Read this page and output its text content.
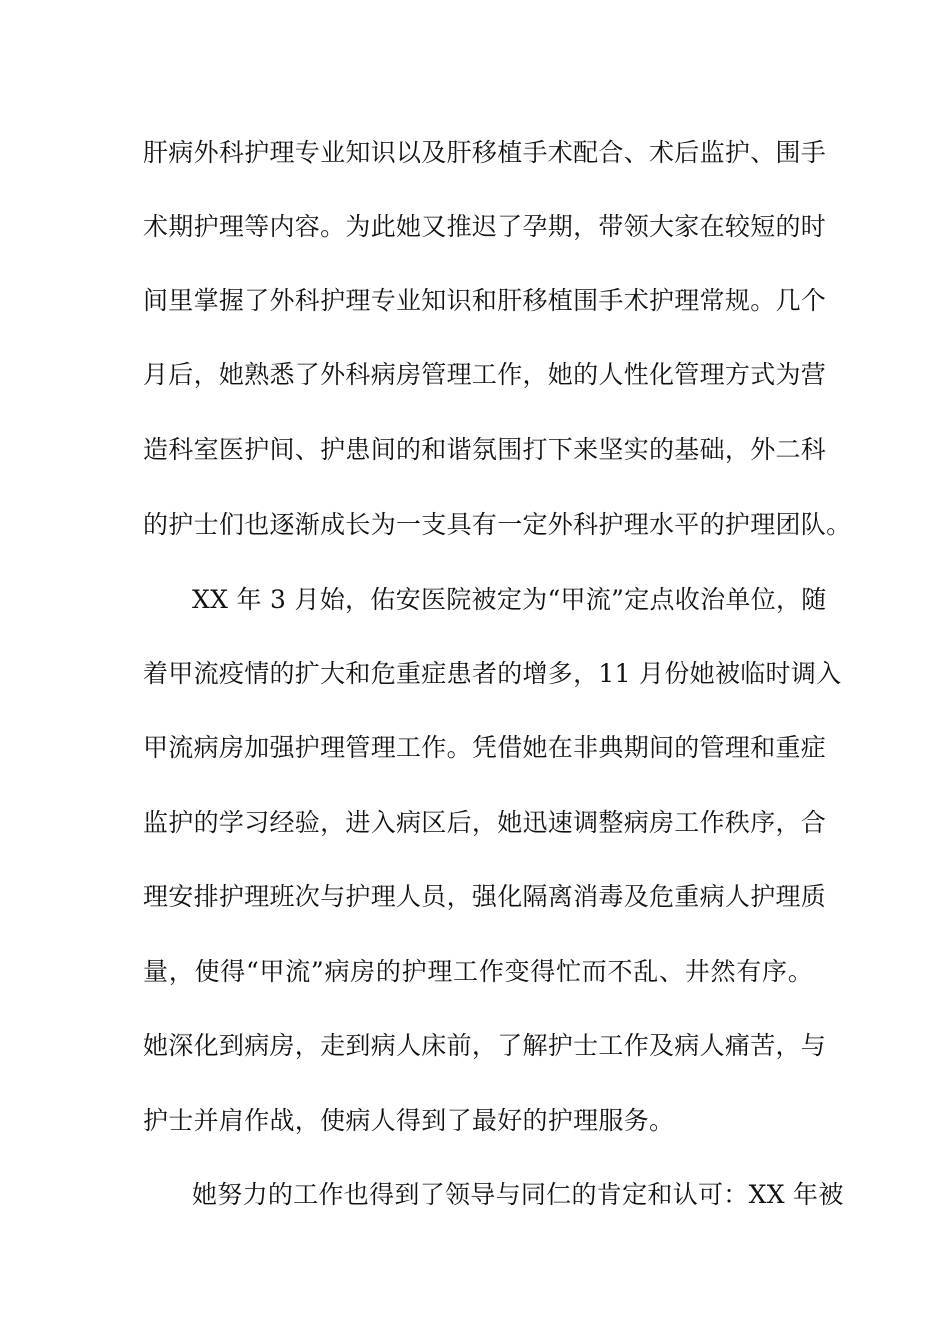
肝病外科护理专业知识以及肝移植手术配合、术后监护、围手
术期护理等内容。为此她又推迟了孕期，带领大家在较短的时
间里掌握了外科护理专业知识和肝移植围手术护理常规。几个
月后，她熟悉了外科病房管理工作，她的人性化管理方式为营
造科室医护间、护患间的和谐氛围打下来坚实的基础，外二科
的护士们也逐渐成长为一支具有一定外科护理水平的护理团队。
XX 年 3 月始，佑安医院被定为“甲流”定点收治单位，随
着甲流疫情的扩大和危重症患者的增多，11 月份她被临时调入
甲流病房加强护理管理工作。凭借她在非典期间的管理和重症
监护的学习经验，进入病区后，她迅速调整病房工作秩序，合
理安排护理班次与护理人员，强化隔离消毒及危重病人护理质
量，使得“甲流”病房的护理工作变得忙而不乱、井然有序。
她深化到病房，走到病人床前，了解护士工作及病人痛苦，与
护士并肩作战，使病人得到了最好的护理服务。
她努力的工作也得到了领导与同仁的肯定和认可：XX 年被
